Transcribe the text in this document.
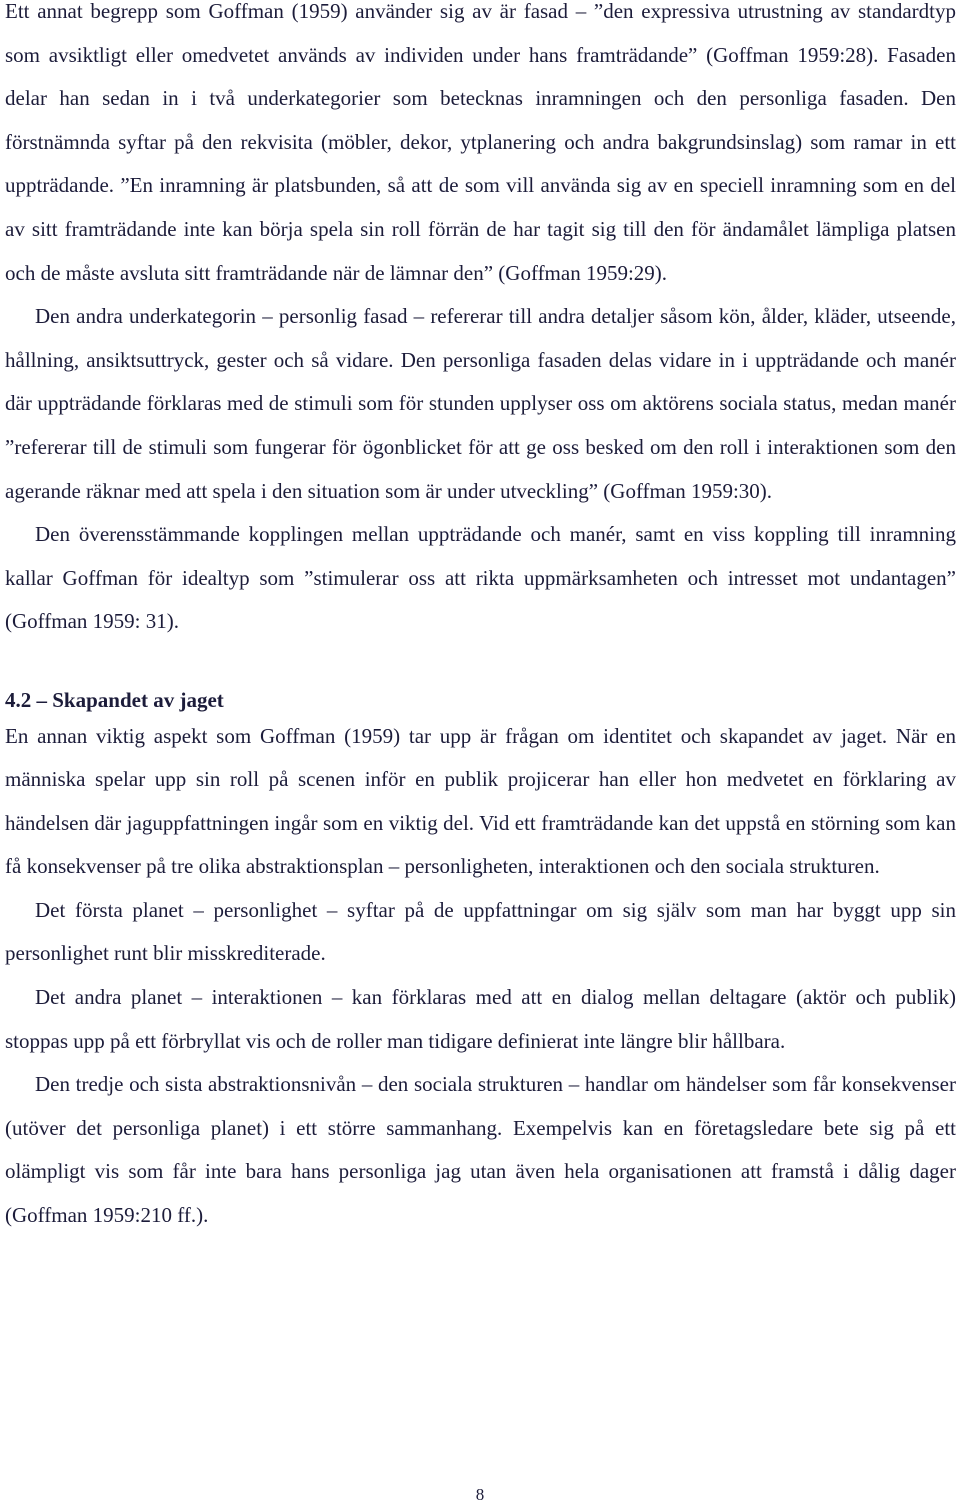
Ett annat begrepp som Goffman (1959) använder sig av är fasad – ”den expressiva utrustning av standardtyp som avsiktligt eller omedvetet används av individen under hans framträdande” (Goffman 1959:28). Fasaden delar han sedan in i två underkategorier som betecknas inramningen och den personliga fasaden. Den förstnämnda syftar på den rekvisita (möbler, dekor, ytplanering och andra bakgrundsinslag) som ramar in ett uppträdande. ”En inramning är platsbunden, så att de som vill använda sig av en speciell inramning som en del av sitt framträdande inte kan börja spela sin roll förrän de har tagit sig till den för ändamålet lämpliga platsen och de måste avsluta sitt framträdande när de lämnar den” (Goffman 1959:29).

Den andra underkategorin – personlig fasad – refererar till andra detaljer såsom kön, ålder, kläder, utseende, hållning, ansiktsuttryck, gester och så vidare. Den personliga fasaden delas vidare in i uppträdande och manér där uppträdande förklaras med de stimuli som för stunden upplyser oss om aktörens sociala status, medan manér ”refererar till de stimuli som fungerar för ögonblicket för att ge oss besked om den roll i interaktionen som den agerande räknar med att spela i den situation som är under utveckling” (Goffman 1959:30).

Den överensstämmande kopplingen mellan uppträdande och manér, samt en viss koppling till inramning kallar Goffman för idealtyp som ”stimulerar oss att rikta uppmärksamheten och intresset mot undantagen” (Goffman 1959: 31).

4.2 – Skapandet av jaget

En annan viktig aspekt som Goffman (1959) tar upp är frågan om identitet och skapandet av jaget. När en människa spelar upp sin roll på scenen inför en publik projicerar han eller hon medvetet en förklaring av händelsen där jaguppfattningen ingår som en viktig del. Vid ett framträdande kan det uppstå en störning som kan få konsekvenser på tre olika abstraktionsplan – personligheten, interaktionen och den sociala strukturen.

Det första planet – personlighet – syftar på de uppfattningar om sig själv som man har byggt upp sin personlighet runt blir misskrediterade.

Det andra planet – interaktionen – kan förklaras med att en dialog mellan deltagare (aktör och publik) stoppas upp på ett förbryllat vis och de roller man tidigare definierat inte längre blir hållbara.

Den tredje och sista abstraktionsnivån – den sociala strukturen – handlar om händelser som får konsekvenser (utöver det personliga planet) i ett större sammanhang. Exempelvis kan en företagsledare bete sig på ett olämpligt vis som får inte bara hans personliga jag utan även hela organisationen att framstå i dålig dager (Goffman 1959:210 ff.).

8
